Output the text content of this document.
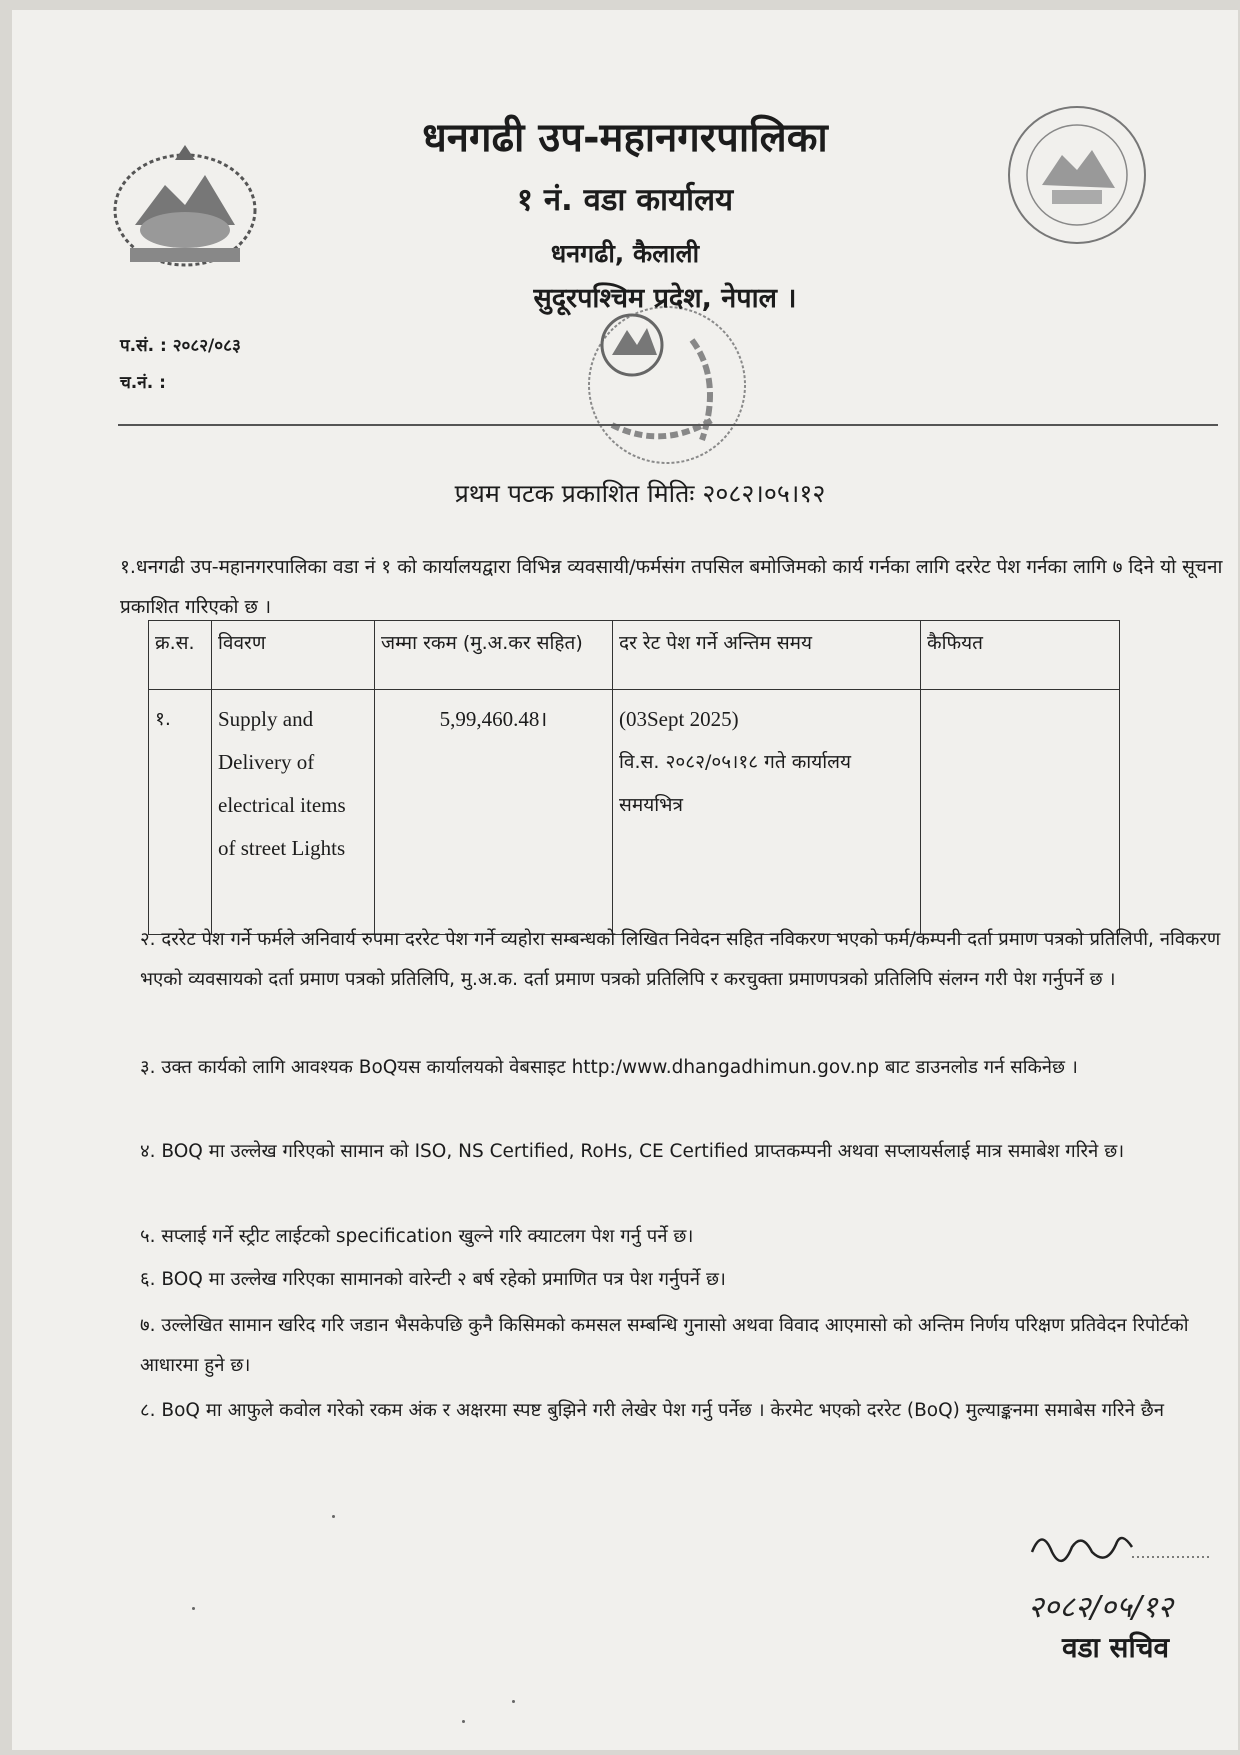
धनगढी उप-महानगरपालिका
१ नं. वडा कार्यालय
धनगढी, कैलाली
सुदूरपश्चिम प्रदेश, नेपाल ।
प.सं. : २०८२/०८३
च.नं. :
प्रथम पटक प्रकाशित मितिः २०८२।०५।१२
१.धनगढी उप-महानगरपालिका वडा नं १ को कार्यालयद्वारा विभिन्न व्यवसायी/फर्मसंग तपसिल बमोजिमको कार्य गर्नका लागि दररेट पेश गर्नका लागि ७ दिने यो सूचना प्रकाशित गरिएको छ ।
क्र.स.	विवरण	जम्मा रकम (मु.अ.कर सहित)	दर रेट पेश गर्ने अन्तिम समय	कैफियत
१.	Supply and Delivery of electrical items of street Lights	5,99,460.48।	(03Sept 2025)
वि.स. २०८२/०५।१८ गते कार्यालय समयभित्र	

२. दररेट पेश गर्ने फर्मले अनिवार्य रुपमा दररेट पेश गर्ने व्यहोरा सम्बन्धको लिखित निवेदन सहित नविकरण भएको फर्म/कम्पनी दर्ता प्रमाण पत्रको प्रतिलिपी, नविकरण भएको व्यवसायको दर्ता प्रमाण पत्रको प्रतिलिपि, मु.अ.क. दर्ता प्रमाण पत्रको प्रतिलिपि र करचुक्ता प्रमाणपत्रको प्रतिलिपि संलग्न गरी पेश गर्नुपर्ने छ ।
३. उक्त कार्यको लागि आवश्यक BoQयस कार्यालयको वेबसाइट http:/www.dhangadhimun.gov.np बाट डाउनलोड गर्न सकिनेछ ।
४. BOQ मा उल्लेख गरिएको सामान को ISO, NS Certified, RoHs, CE Certified प्राप्तकम्पनी अथवा सप्लायर्सलाई मात्र समाबेश गरिने छ।
५. सप्लाई गर्ने स्ट्रीट लाईटको specification खुल्ने गरि क्याटलग पेश गर्नु पर्ने छ।
६. BOQ मा उल्लेख गरिएका सामानको वारेन्टी २ बर्ष रहेको प्रमाणित पत्र पेश गर्नुपर्ने छ।
७. उल्लेखित सामान खरिद गरि जडान भैसकेपछि कुनै किसिमको कमसल सम्बन्धि गुनासो अथवा विवाद आएमासो को अन्तिम निर्णय परिक्षण प्रतिवेदन रिपोर्टको आधारमा हुने छ।
८. BoQ मा आफुले कवोल गरेको रकम अंक र अक्षरमा स्पष्ट बुझिने गरी लेखेर पेश गर्नु पर्नेछ । केरमेट भएको दररेट (BoQ) मुल्याङ्कनमा समाबेस गरिने छैन
२०८२/०५/१२
वडा सचिव
